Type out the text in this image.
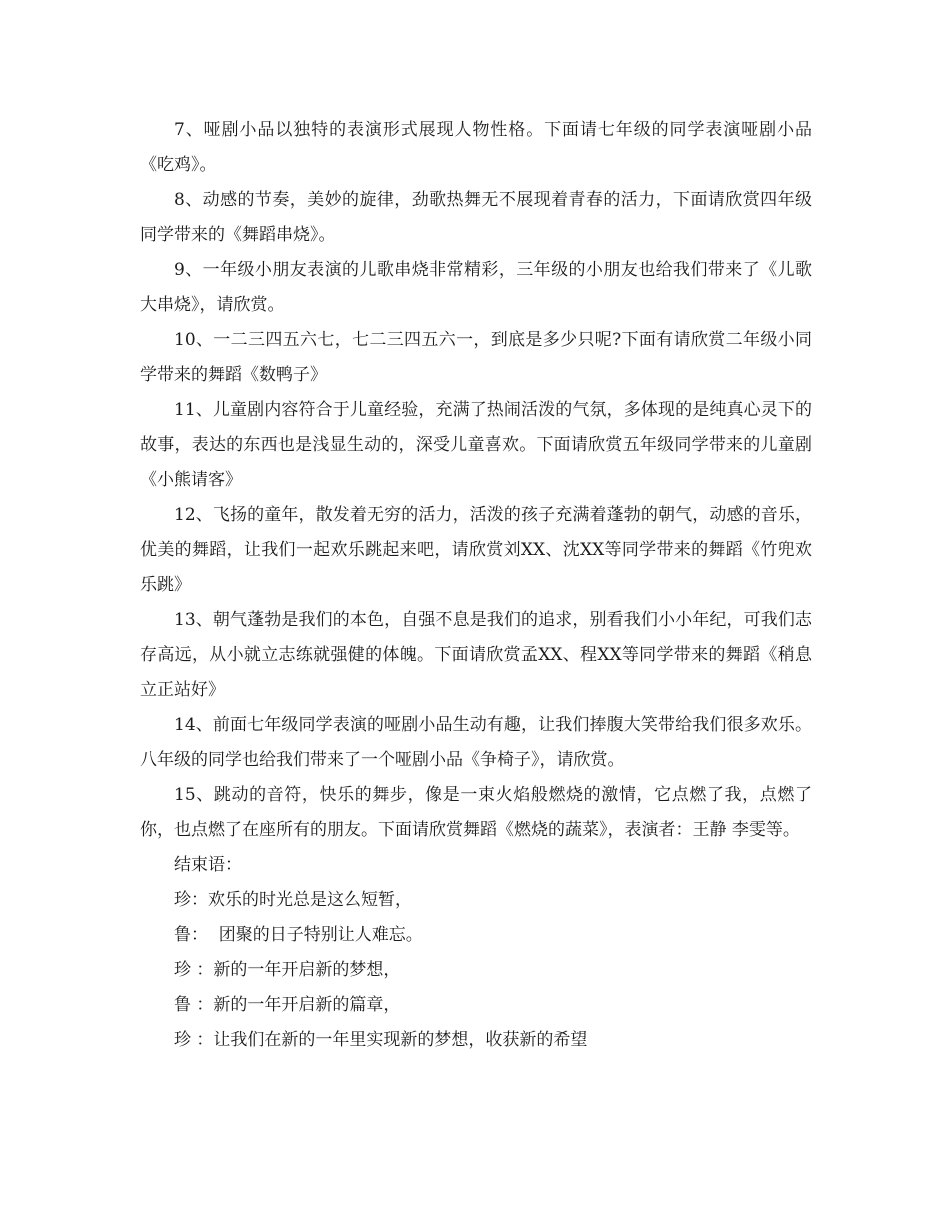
7、哑剧小品以独特的表演形式展现人物性格。下面请七年级的同学表演哑剧小品《吃鸡》。

8、动感的节奏，美妙的旋律，劲歌热舞无不展现着青春的活力，下面请欣赏四年级同学带来的《舞蹈串烧》。

9、一年级小朋友表演的儿歌串烧非常精彩，三年级的小朋友也给我们带来了《儿歌大串烧》，请欣赏。

10、一二三四五六七，七二三四五六一，到底是多少只呢?下面有请欣赏二年级小同学带来的舞蹈《数鸭子》

11、儿童剧内容符合于儿童经验，充满了热闹活泼的气氛，多体现的是纯真心灵下的故事，表达的东西也是浅显生动的，深受儿童喜欢。下面请欣赏五年级同学带来的儿童剧《小熊请客》

12、飞扬的童年，散发着无穷的活力，活泼的孩子充满着蓬勃的朝气，动感的音乐，优美的舞蹈，让我们一起欢乐跳起来吧，请欣赏刘XX、沈XX等同学带来的舞蹈《竹兜欢乐跳》

13、朝气蓬勃是我们的本色，自强不息是我们的追求，别看我们小小年纪，可我们志存高远，从小就立志练就强健的体魄。下面请欣赏孟XX、程XX等同学带来的舞蹈《稍息立正站好》

14、前面七年级同学表演的哑剧小品生动有趣，让我们捧腹大笑带给我们很多欢乐。八年级的同学也给我们带来了一个哑剧小品《争椅子》，请欣赏。

15、跳动的音符，快乐的舞步，像是一束火焰般燃烧的激情，它点燃了我，点燃了你，也点燃了在座所有的朋友。下面请欣赏舞蹈《燃烧的蔬菜》，表演者：王静 李雯等。

结束语：

珍：欢乐的时光总是这么短暂，

鲁：  团聚的日子特别让人难忘。

珍 ：新的一年开启新的梦想，

鲁 ：新的一年开启新的篇章，

珍 ：让我们在新的一年里实现新的梦想，收获新的希望
